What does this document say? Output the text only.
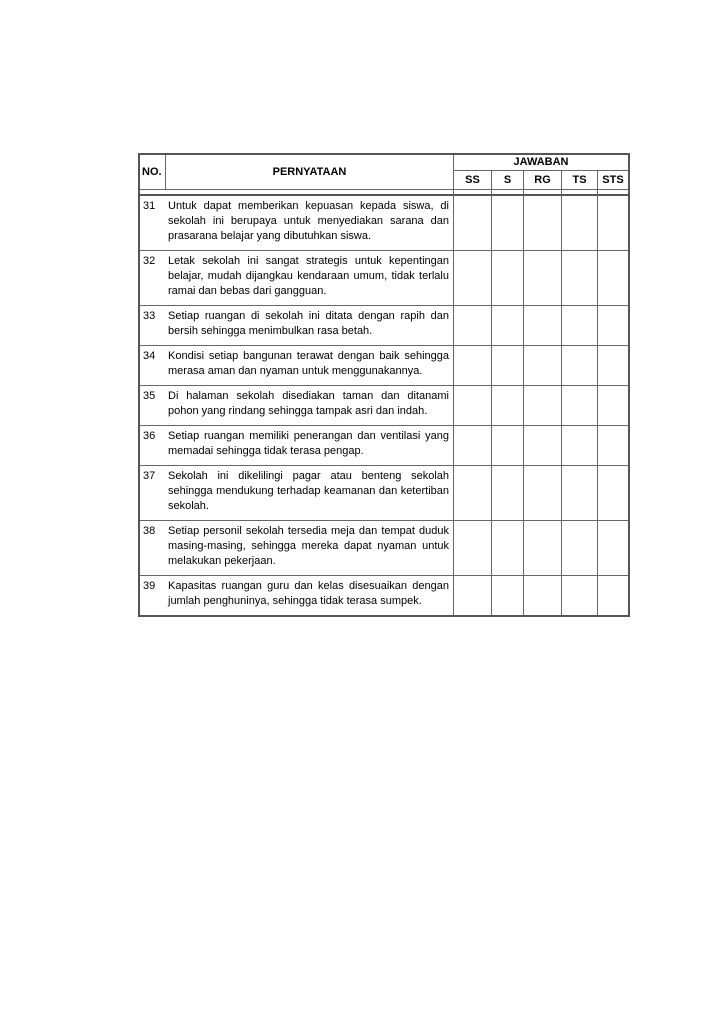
NO.	PERNYATAAN	JAWABAN				
		SS	S	RG	TS	STS

31	Untuk dapat memberikan kepuasan kepada siswa, di sekolah ini berupaya untuk menyediakan sarana dan prasarana belajar yang dibutuhkan siswa.					

32	Letak sekolah ini sangat strategis untuk kepentingan belajar, mudah dijangkau kendaraan umum, tidak terlalu ramai dan bebas dari gangguan.					

33	Setiap ruangan di sekolah ini ditata dengan rapih dan bersih sehingga menimbulkan rasa betah.					

34	Kondisi setiap bangunan terawat dengan baik sehingga merasa aman dan nyaman untuk menggunakannya.					

35	Di halaman sekolah disediakan taman dan ditanami pohon yang rindang sehingga tampak asri dan indah.					

36	Setiap ruangan memiliki penerangan dan ventilasi yang memadai sehingga tidak terasa pengap.					

37	Sekolah ini dikelilingi pagar atau benteng sekolah sehingga mendukung terhadap keamanan dan ketertiban sekolah.					

38	Setiap personil sekolah tersedia meja dan tempat duduk masing-masing, sehingga mereka dapat nyaman untuk melakukan pekerjaan.					

39	Kapasitas ruangan guru dan kelas disesuaikan dengan jumlah penghuninya, sehingga tidak terasa sumpek.					
